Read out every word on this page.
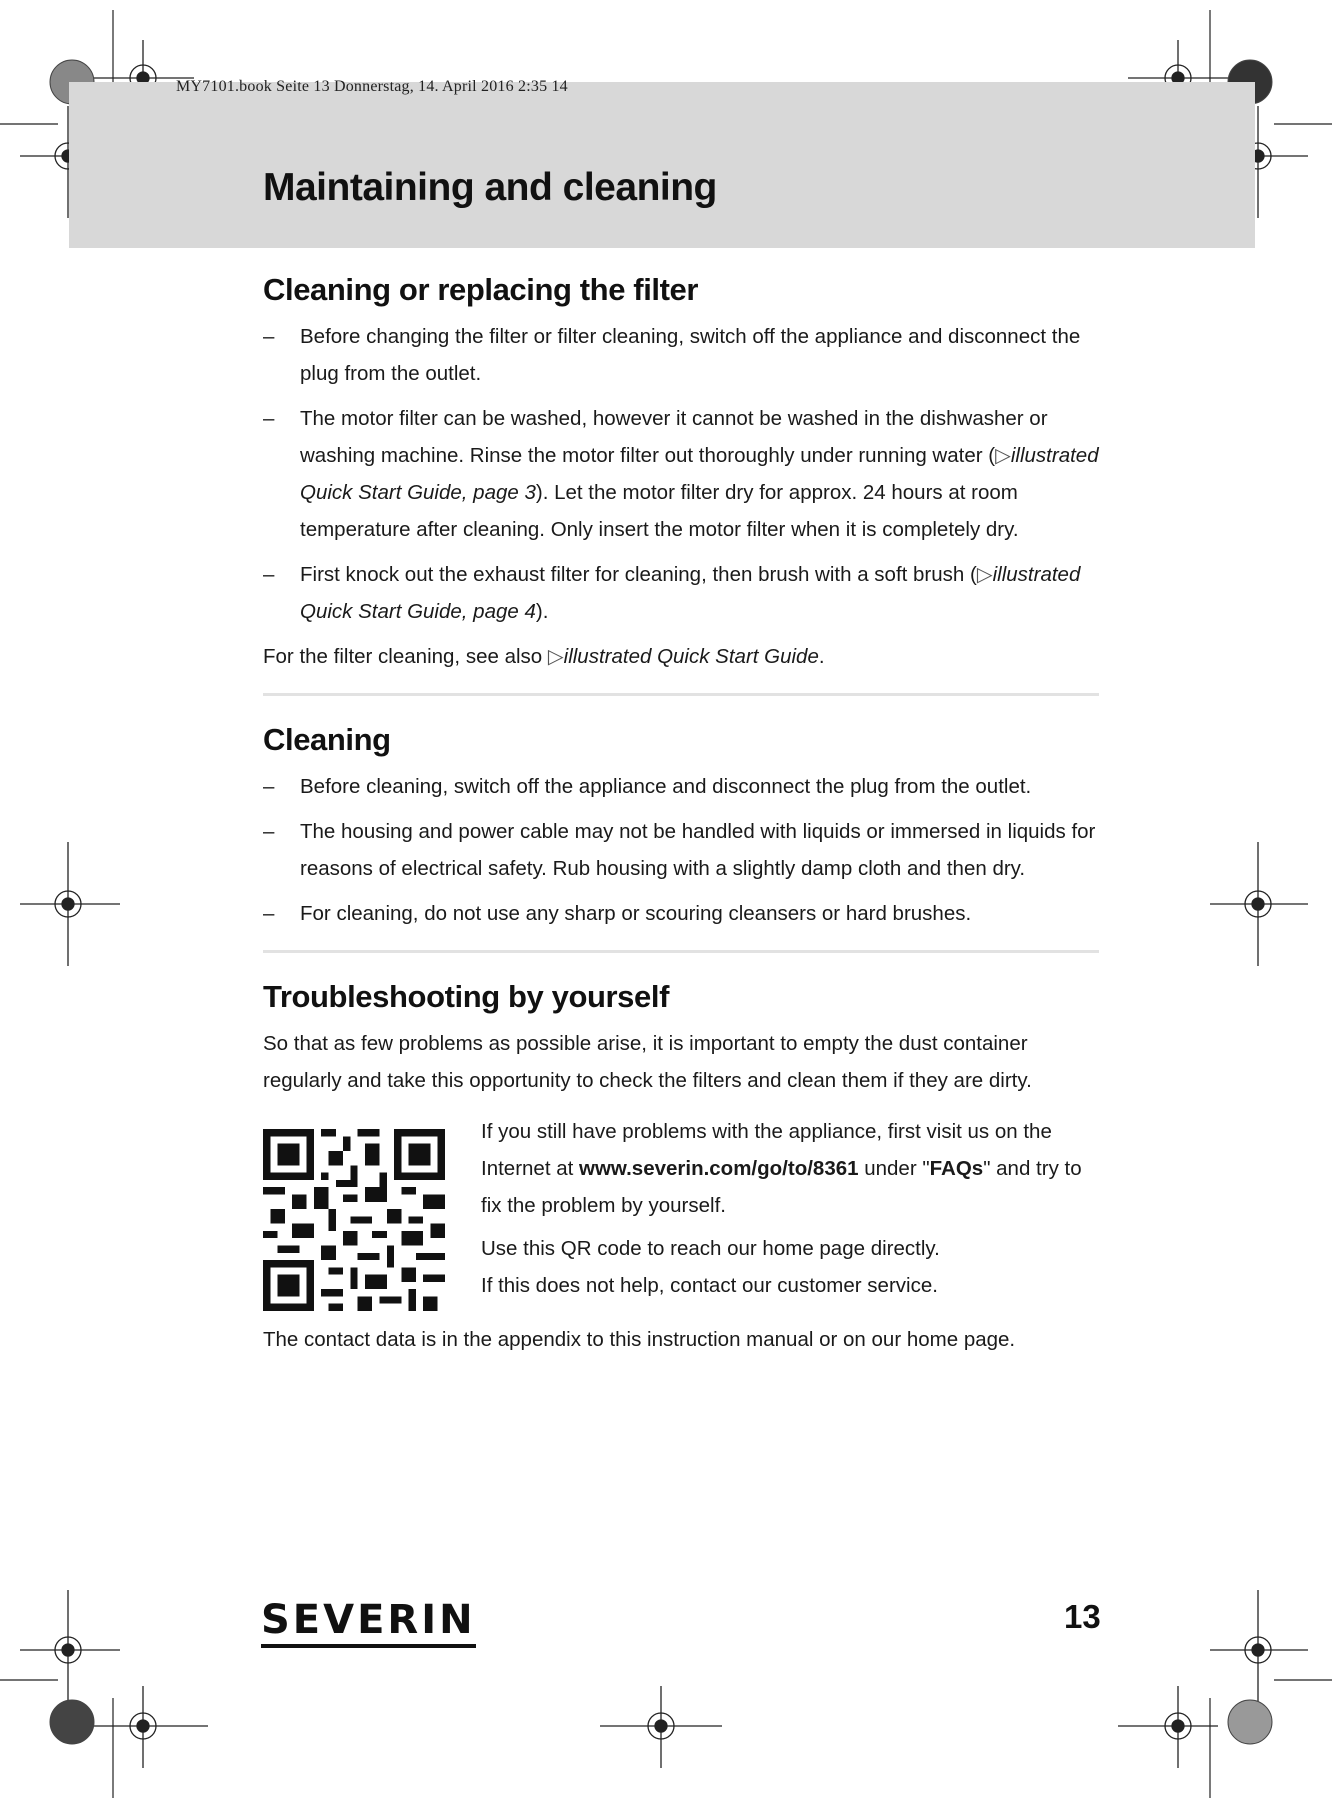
MY7101.book Seite 13 Donnerstag, 14. April 2016 2:35 14
Maintaining and cleaning
Cleaning or replacing the filter
– Before changing the filter or filter cleaning, switch off the appliance and disconnect the plug from the outlet.
– The motor filter can be washed, however it cannot be washed in the dishwasher or washing machine. Rinse the motor filter out thoroughly under running water (▷illustrated Quick Start Guide, page 3). Let the motor filter dry for approx. 24 hours at room temperature after cleaning. Only insert the motor filter when it is completely dry.
– First knock out the exhaust filter for cleaning, then brush with a soft brush (▷illustrated Quick Start Guide, page 4).
For the filter cleaning, see also ▷illustrated Quick Start Guide.
Cleaning
– Before cleaning, switch off the appliance and disconnect the plug from the outlet.
– The housing and power cable may not be handled with liquids or immersed in liquids for reasons of electrical safety. Rub housing with a slightly damp cloth and then dry.
– For cleaning, do not use any sharp or scouring cleansers or hard brushes.
Troubleshooting by yourself
So that as few problems as possible arise, it is important to empty the dust container regularly and take this opportunity to check the filters and clean them if they are dirty.
If you still have problems with the appliance, first visit us on the Internet at www.severin.com/go/to/8361 under "FAQs" and try to fix the problem by yourself.
Use this QR code to reach our home page directly.
If this does not help, contact our customer service.
The contact data is in the appendix to this instruction manual or on our home page.
SEVERIN	13
